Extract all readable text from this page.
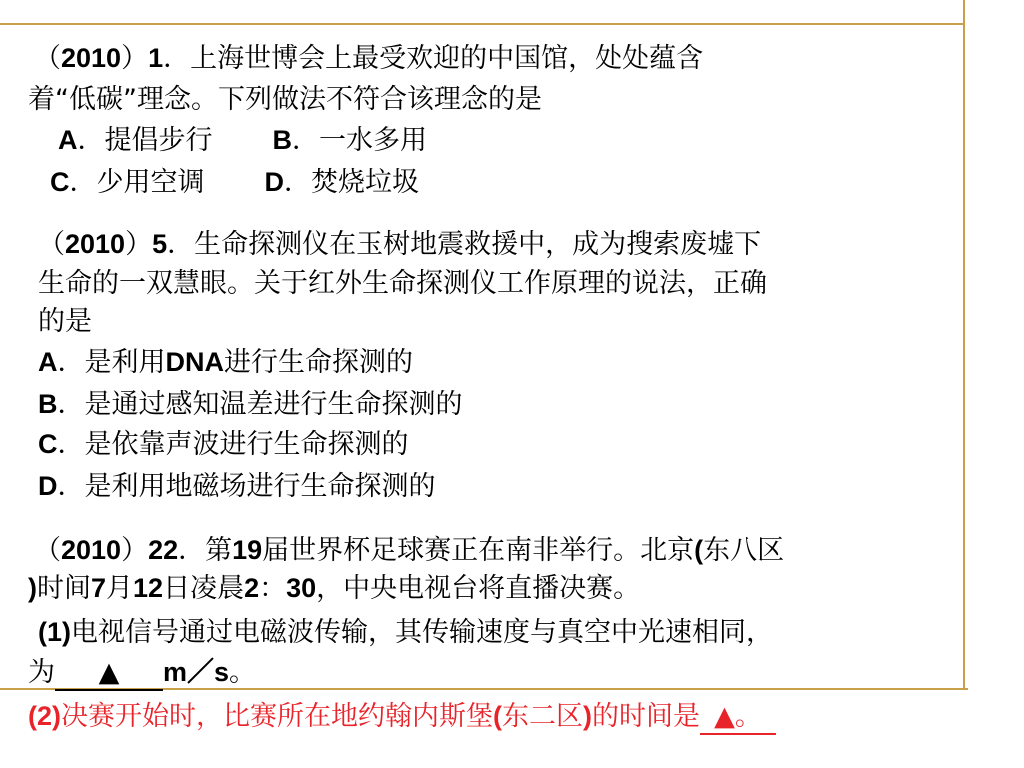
（2010）1．上海世博会上最受欢迎的中国馆，处处蕴含
着“低碳”理念。下列做法不符合该理念的是
A．提倡步行 B．一水多用
C．少用空调 D．焚烧垃圾
（2010）5．生命探测仪在玉树地震救援中，成为搜索废墟下
生命的一双慧眼。关于红外生命探测仪工作原理的说法，正确
的是
A．是利用DNA进行生命探测的
B．是通过感知温差进行生命探测的
C．是依靠声波进行生命探测的
D．是利用地磁场进行生命探测的
（2010）22．第19届世界杯足球赛正在南非举行。北京(东八区
)时间7月12日凌晨2：30，中央电视台将直播决赛。
(1)电视信号通过电磁波传输，其传输速度与真空中光速相同，
为 ▲ m／s。
(2)决赛开始时，比赛所在地约翰内斯堡(东二区)的时间是 ▲。
